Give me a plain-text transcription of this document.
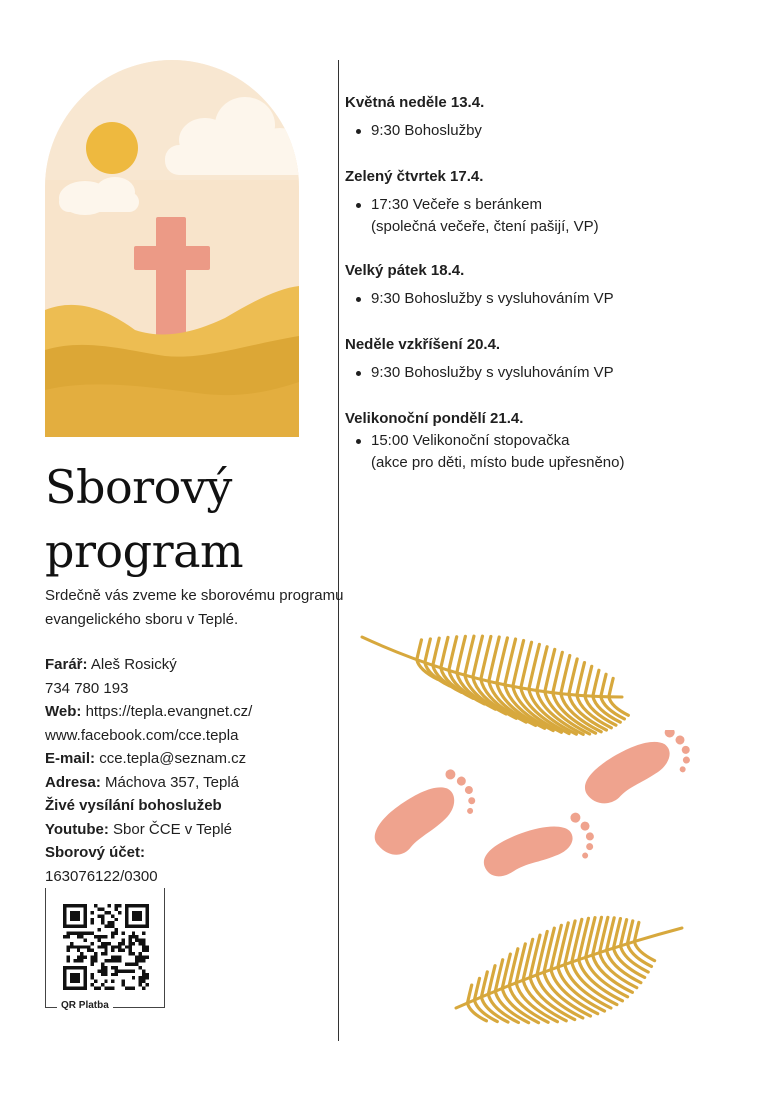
Sborový
program

Srdečně vás zveme ke sborovému programu evangelického sboru v Teplé.

Farář: Aleš Rosický
734 780 193
Web: https://tepla.evangnet.cz/
www.facebook.com/cce.tepla
E-mail: cce.tepla@seznam.cz
Adresa: Máchova 357, Teplá
Živé vysílání bohoslužeb
Youtube: Sbor ČCE v Teplé
Sborový účet:
163076122/0300
QR Platba
Květná neděle 13.4.
9:30 Bohoslužby
Zelený čtvrtek 17.4.
17:30 Večeře s beránkem
(společná večeře, čtení pašijí, VP)
Velký pátek 18.4.
9:30 Bohoslužby s vysluhováním VP
Neděle vzkříšení 20.4.
9:30 Bohoslužby s vysluhováním VP
Velikonoční pondělí 21.4.
15:00 Velikonoční stopovačka
(akce pro děti, místo bude upřesněno)
